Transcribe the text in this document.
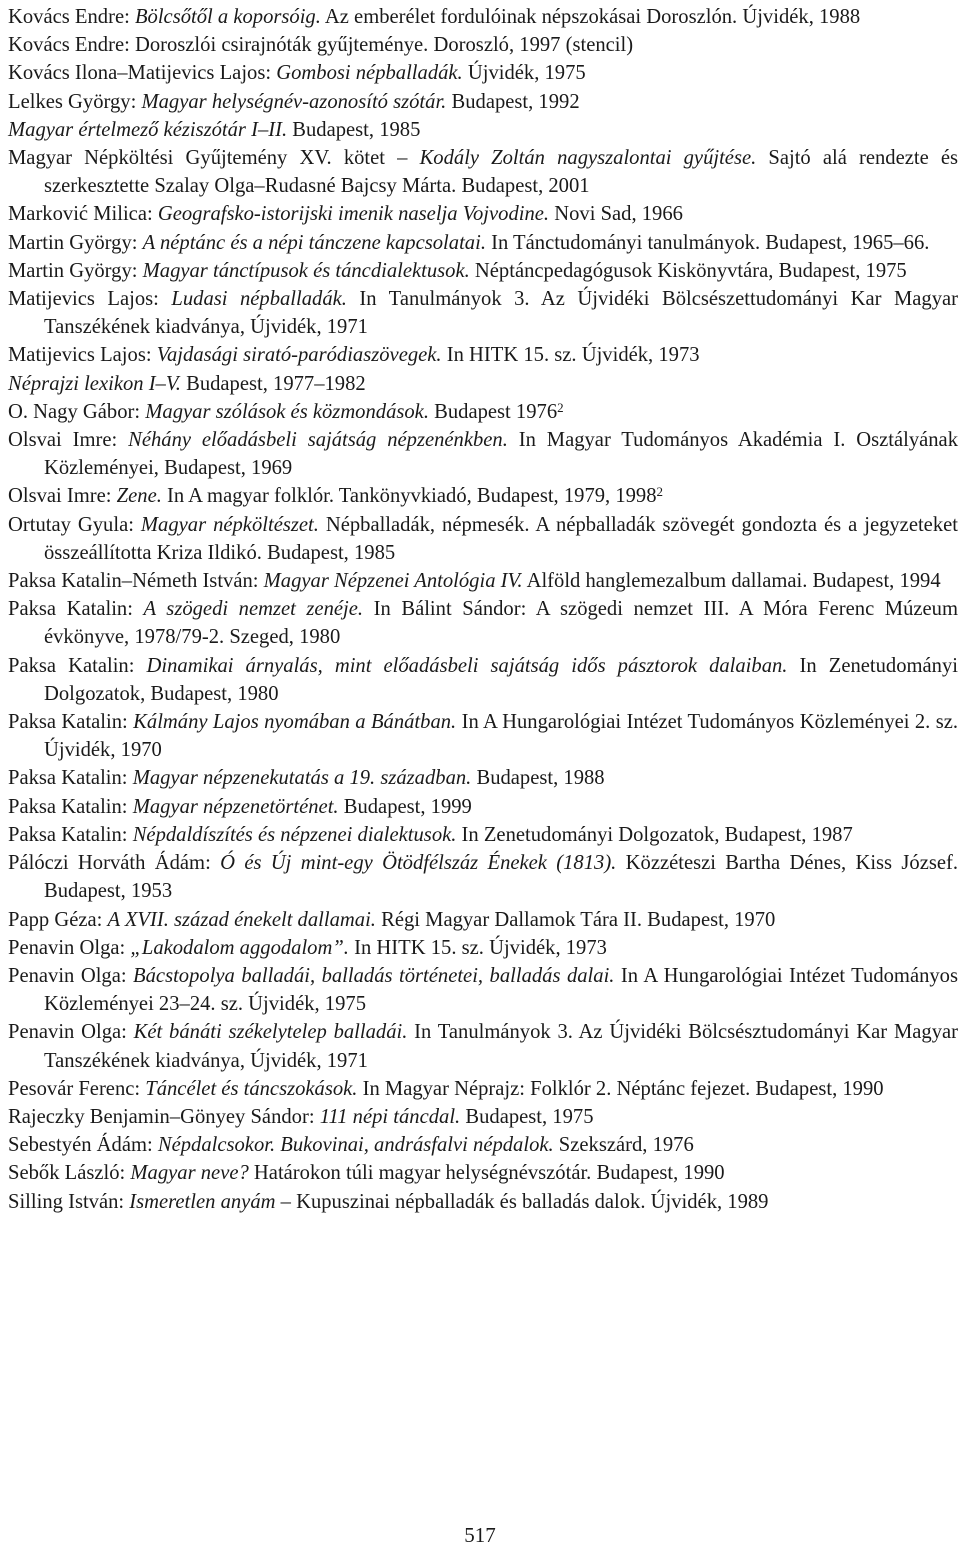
Kovács Endre: Bölcsőtől a koporsóig. Az emberélet fordulóinak népszokásai Doroszlón. Újvidék, 1988
Kovács Endre: Doroszlói csirajnóták gyűjteménye. Doroszló, 1997 (stencil)
Kovács Ilona–Matijevics Lajos: Gombosi népballadák. Újvidék, 1975
Lelkes György: Magyar helységnév-azonosító szótár. Budapest, 1992
Magyar értelmező kéziszótár I–II. Budapest, 1985
Magyar Népköltési Gyűjtemény XV. kötet – Kodály Zoltán nagyszalontai gyűjtése. Sajtó alá rendezte és szerkesztette Szalay Olga–Rudasné Bajcsy Márta. Budapest, 2001
Marković Milica: Geografsko-istorijski imenik naselja Vojvodine. Novi Sad, 1966
Martin György: A néptánc és a népi tánczene kapcsolatai. In Tánctudományi tanulmányok. Budapest, 1965–66.
Martin György: Magyar tánctípusok és táncdialektusok. Néptáncpedagógusok Kiskönyvtára, Budapest, 1975
Matijevics Lajos: Ludasi népballadák. In Tanulmányok 3. Az Újvidéki Bölcsészettudományi Kar Magyar Tanszékének kiadványa, Újvidék, 1971
Matijevics Lajos: Vajdasági sirató-paródiaszövegek. In HITK 15. sz. Újvidék, 1973
Néprajzi lexikon I–V. Budapest, 1977–1982
O. Nagy Gábor: Magyar szólások és közmondások. Budapest 1976$^2$
Olsvai Imre: Néhány előadásbeli sajátság népzenénkben. In Magyar Tudományos Akadémia I. Osztályának Közleményei, Budapest, 1969
Olsvai Imre: Zene. In A magyar folklór. Tankönyvkiadó, Budapest, 1979, 1998$^2$
Ortutay Gyula: Magyar népköltészet. Népballadák, népmesék. A népballadák szövegét gondozta és a jegyzeteket összeállította Kriza Ildikó. Budapest, 1985
Paksa Katalin–Németh István: Magyar Népzenei Antológia IV. Alföld hanglemezalbum dallamai. Budapest, 1994
Paksa Katalin: A szögedi nemzet zenéje. In Bálint Sándor: A szögedi nemzet III. A Móra Ferenc Múzeum évkönyve, 1978/79-2. Szeged, 1980
Paksa Katalin: Dinamikai árnyalás, mint előadásbeli sajátság idős pásztorok dalaiban. In Zenetudományi Dolgozatok, Budapest, 1980
Paksa Katalin: Kálmány Lajos nyomában a Bánátban. In A Hungarológiai Intézet Tudományos Közleményei 2. sz. Újvidék, 1970
Paksa Katalin: Magyar népzenekutatás a 19. században. Budapest, 1988
Paksa Katalin: Magyar népzenetörténet. Budapest, 1999
Paksa Katalin: Népdaldíszítés és népzenei dialektusok. In Zenetudományi Dolgozatok, Budapest, 1987
Pálóczi Horváth Ádám: Ó és Új mint-egy Ötödfélszáz Énekek (1813). Közzéteszi Bartha Dénes, Kiss József. Budapest, 1953
Papp Géza: A XVII. század énekelt dallamai. Régi Magyar Dallamok Tára II. Budapest, 1970
Penavin Olga: „Lakodalom aggodalom”. In HITK 15. sz. Újvidék, 1973
Penavin Olga: Bácstopolya balladái, balladás történetei, balladás dalai. In A Hungarológiai Intézet Tudományos Közleményei 23–24. sz. Újvidék, 1975
Penavin Olga: Két bánáti székelytelep balladái. In Tanulmányok 3. Az Újvidéki Bölcsésztudományi Kar Magyar Tanszékének kiadványa, Újvidék, 1971
Pesovár Ferenc: Táncélet és táncszokások. In Magyar Néprajz: Folklór 2. Néptánc fejezet. Budapest, 1990
Rajeczky Benjamin–Gönyey Sándor: 111 népi táncdal. Budapest, 1975
Sebestyén Ádám: Népdalcsokor. Bukovinai, andrásfalvi népdalok. Szekszárd, 1976
Sebők László: Magyar neve? Határokon túli magyar helységnévszótár. Budapest, 1990
Silling István: Ismeretlen anyám – Kupuszinai népballadák és balladás dalok. Újvidék, 1989
517
